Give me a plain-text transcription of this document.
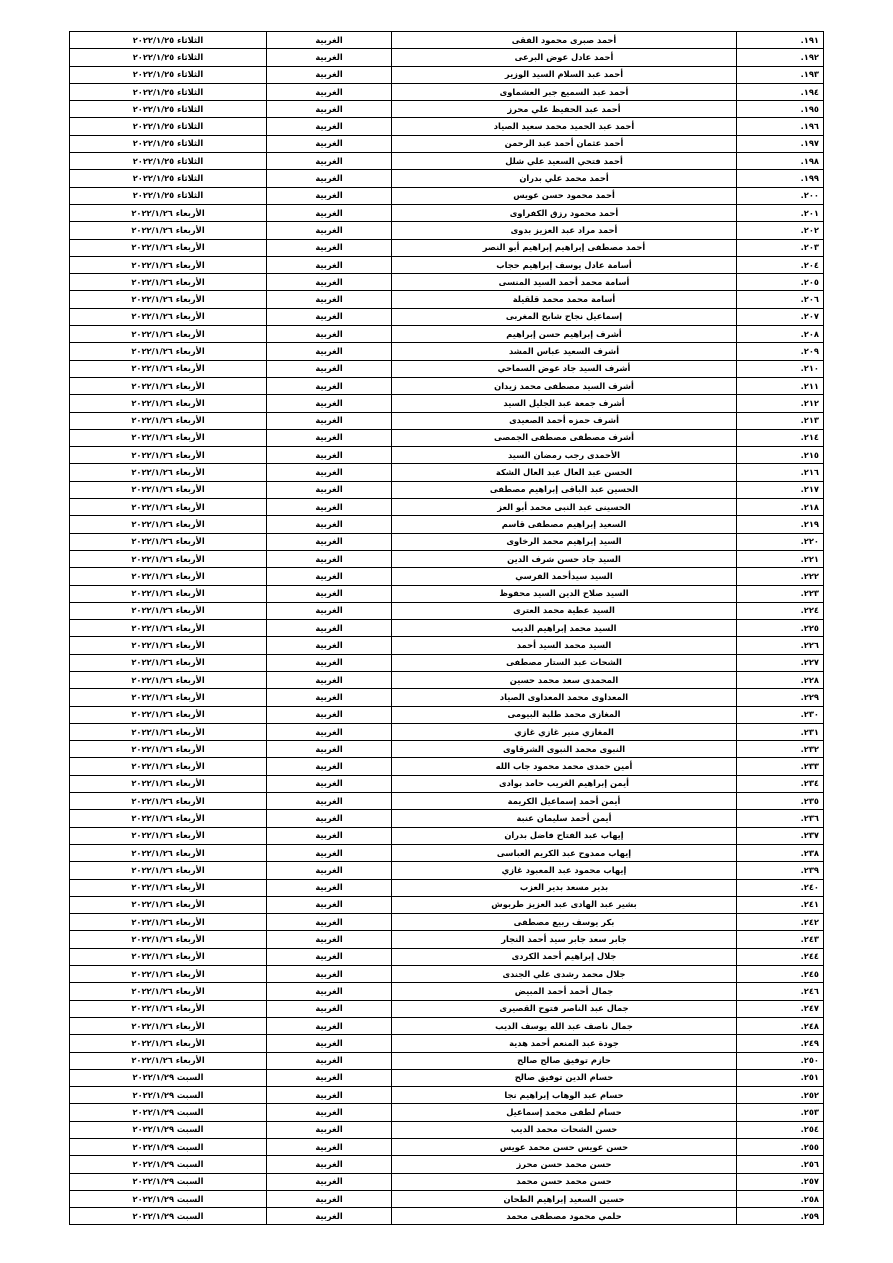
١٩١.	أحمد صبرى محمود الفقى	الغربية	الثلاثاء ٢٠٢٢/١/٢٥
١٩٢.	أحمد عادل عوض البرعى	الغربية	الثلاثاء ٢٠٢٢/١/٢٥
١٩٣.	أحمد عبد السلام السيد الوزير	الغربية	الثلاثاء ٢٠٢٢/١/٢٥
١٩٤.	أحمد عبد السميع جبر العشماوى	الغربية	الثلاثاء ٢٠٢٢/١/٢٥
١٩٥.	أحمد عبد الحفيظ علي محرز	الغربية	الثلاثاء ٢٠٢٢/١/٢٥
١٩٦.	أحمد عبد الحميد محمد سعيد الصياد	الغربية	الثلاثاء ٢٠٢٢/١/٢٥
١٩٧.	أحمد عثمان أحمد عبد الرحمن	الغربية	الثلاثاء ٢٠٢٢/١/٢٥
١٩٨.	أحمد فتحي السعيد علي شلل	الغربية	الثلاثاء ٢٠٢٢/١/٢٥
١٩٩.	أحمد محمد علي بدران	الغربية	الثلاثاء ٢٠٢٢/١/٢٥
٢٠٠.	أحمد محمود حسن عويس	الغربية	الثلاثاء ٢٠٢٢/١/٢٥
٢٠١.	أحمد محمود رزق الكفراوى	الغربية	الأربعاء ٢٠٢٢/١/٢٦
٢٠٢.	أحمد مراد عبد العزيز بدوى	الغربية	الأربعاء ٢٠٢٢/١/٢٦
٢٠٣.	أحمد مصطفى إبراهيم إبراهيم أبو النصر	الغربية	الأربعاء ٢٠٢٢/١/٢٦
٢٠٤.	أسامة عادل يوسف إبراهيم حجاب	الغربية	الأربعاء ٢٠٢٢/١/٢٦
٢٠٥.	أسامة محمد أحمد السيد المنسى	الغربية	الأربعاء ٢٠٢٢/١/٢٦
٢٠٦.	أسامة محمد محمد قلقيلة	الغربية	الأربعاء ٢٠٢٢/١/٢٦
٢٠٧.	إسماعيل نجاح شابح المغربى	الغربية	الأربعاء ٢٠٢٢/١/٢٦
٢٠٨.	أشرف إبراهيم حسن إبراهيم	الغربية	الأربعاء ٢٠٢٢/١/٢٦
٢٠٩.	أشرف السعيد عباس المشد	الغربية	الأربعاء ٢٠٢٢/١/٢٦
٢١٠.	أشرف السيد جاد عوض السماحي	الغربية	الأربعاء ٢٠٢٢/١/٢٦
٢١١.	أشرف السيد مصطفى محمد زيدان	الغربية	الأربعاء ٢٠٢٢/١/٢٦
٢١٢.	أشرف جمعة عبد الجليل السيد	الغربية	الأربعاء ٢٠٢٢/١/٢٦
٢١٣.	أشرف حمزه أحمد الصعيدى	الغربية	الأربعاء ٢٠٢٢/١/٢٦
٢١٤.	أشرف مصطفى مصطفى الجمصى	الغربية	الأربعاء ٢٠٢٢/١/٢٦
٢١٥.	الأحمدى رجب رمضان السيد	الغربية	الأربعاء ٢٠٢٢/١/٢٦
٢١٦.	الحسن عبد العال عبد العال الشكة	الغربية	الأربعاء ٢٠٢٢/١/٢٦
٢١٧.	الحسين عبد الباقى إبراهيم مصطفى	الغربية	الأربعاء ٢٠٢٢/١/٢٦
٢١٨.	الحسينى عبد النبى محمد أبو العز	الغربية	الأربعاء ٢٠٢٢/١/٢٦
٢١٩.	السعيد إبراهيم مصطفى قاسم	الغربية	الأربعاء ٢٠٢٢/١/٢٦
٢٢٠.	السيد إبراهيم محمد الرخاوى	الغربية	الأربعاء ٢٠٢٢/١/٢٦
٢٢١.	السيد جاد حسن شرف الدين	الغربية	الأربعاء ٢٠٢٢/١/٢٦
٢٢٢.	السيد سيدأحمد الفرسي	الغربية	الأربعاء ٢٠٢٢/١/٢٦
٢٢٣.	السيد صلاح الدين السيد محفوظ	الغربية	الأربعاء ٢٠٢٢/١/٢٦
٢٢٤.	السيد عطية محمد العترى	الغربية	الأربعاء ٢٠٢٢/١/٢٦
٢٢٥.	السيد محمد إبراهيم الديب	الغربية	الأربعاء ٢٠٢٢/١/٢٦
٢٢٦.	السيد محمد السيد أحمد	الغربية	الأربعاء ٢٠٢٢/١/٢٦
٢٢٧.	الشحات عبد الستار مصطفى	الغربية	الأربعاء ٢٠٢٢/١/٢٦
٢٢٨.	المحمدى سعد محمد حسين	الغربية	الأربعاء ٢٠٢٢/١/٢٦
٢٢٩.	المعداوى محمد المعداوى الصياد	الغربية	الأربعاء ٢٠٢٢/١/٢٦
٢٣٠.	المغازى محمد طلبة البيومى	الغربية	الأربعاء ٢٠٢٢/١/٢٦
٢٣١.	المغازي منير غازي غازي	الغربية	الأربعاء ٢٠٢٢/١/٢٦
٢٣٢.	النبوى محمد النبوى الشرقاوى	الغربية	الأربعاء ٢٠٢٢/١/٢٦
٢٣٣.	أمين حمدى محمد محمود جاب الله	الغربية	الأربعاء ٢٠٢٢/١/٢٦
٢٣٤.	أيمن إبراهيم الغريب حامد بوادى	الغربية	الأربعاء ٢٠٢٢/١/٢٦
٢٣٥.	أيمن أحمد إسماعيل الكريمة	الغربية	الأربعاء ٢٠٢٢/١/٢٦
٢٣٦.	أيمن أحمد سليمان عنبة	الغربية	الأربعاء ٢٠٢٢/١/٢٦
٢٣٧.	إيهاب عبد الفتاح فاضل بدران	الغربية	الأربعاء ٢٠٢٢/١/٢٦
٢٣٨.	إيهاب ممدوح عبد الكريم العباسى	الغربية	الأربعاء ٢٠٢٢/١/٢٦
٢٣٩.	إيهاب محمود عبد المعبود غازي	الغربية	الأربعاء ٢٠٢٢/١/٢٦
٢٤٠.	بدير مسعد بدير العزب	الغربية	الأربعاء ٢٠٢٢/١/٢٦
٢٤١.	بشير عبد الهادى عبد العزيز طربوش	الغربية	الأربعاء ٢٠٢٢/١/٢٦
٢٤٢.	بكر يوسف ربيع مصطفى	الغربية	الأربعاء ٢٠٢٢/١/٢٦
٢٤٣.	جابر سعد جابر سيد أحمد النجار	الغربية	الأربعاء ٢٠٢٢/١/٢٦
٢٤٤.	جلال إبراهيم أحمد الكردى	الغربية	الأربعاء ٢٠٢٢/١/٢٦
٢٤٥.	جلال محمد رشدى علي الجندى	الغربية	الأربعاء ٢٠٢٢/١/٢٦
٢٤٦.	جمال أحمد أحمد المبيض	الغربية	الأربعاء ٢٠٢٢/١/٢٦
٢٤٧.	جمال عبد الناصر فتوح القصيرى	الغربية	الأربعاء ٢٠٢٢/١/٢٦
٢٤٨.	جمال ناصف عبد الله يوسف الديب	الغربية	الأربعاء ٢٠٢٢/١/٢٦
٢٤٩.	جودة عبد المنعم أحمد هدية	الغربية	الأربعاء ٢٠٢٢/١/٢٦
٢٥٠.	حازم توفيق صالح صالح	الغربية	الأربعاء ٢٠٢٢/١/٢٦
٢٥١.	حسام الدين توفيق صالح	الغربية	السبت ٢٠٢٢/١/٢٩
٢٥٢.	حسام عبد الوهاب إبراهيم نجا	الغربية	السبت ٢٠٢٢/١/٢٩
٢٥٣.	حسام لطفى محمد إسماعيل	الغربية	السبت ٢٠٢٢/١/٢٩
٢٥٤.	حسن الشحات محمد الديب	الغربية	السبت ٢٠٢٢/١/٢٩
٢٥٥.	حسن عويس حسن محمد عويس	الغربية	السبت ٢٠٢٢/١/٢٩
٢٥٦.	حسن محمد حسن محرز	الغربية	السبت ٢٠٢٢/١/٢٩
٢٥٧.	حسن محمد حسن محمد	الغربية	السبت ٢٠٢٢/١/٢٩
٢٥٨.	حسين السعيد إبراهيم الطحان	الغربية	السبت ٢٠٢٢/١/٢٩
٢٥٩.	حلمي محمود مصطفى محمد	الغربية	السبت ٢٠٢٢/١/٢٩
